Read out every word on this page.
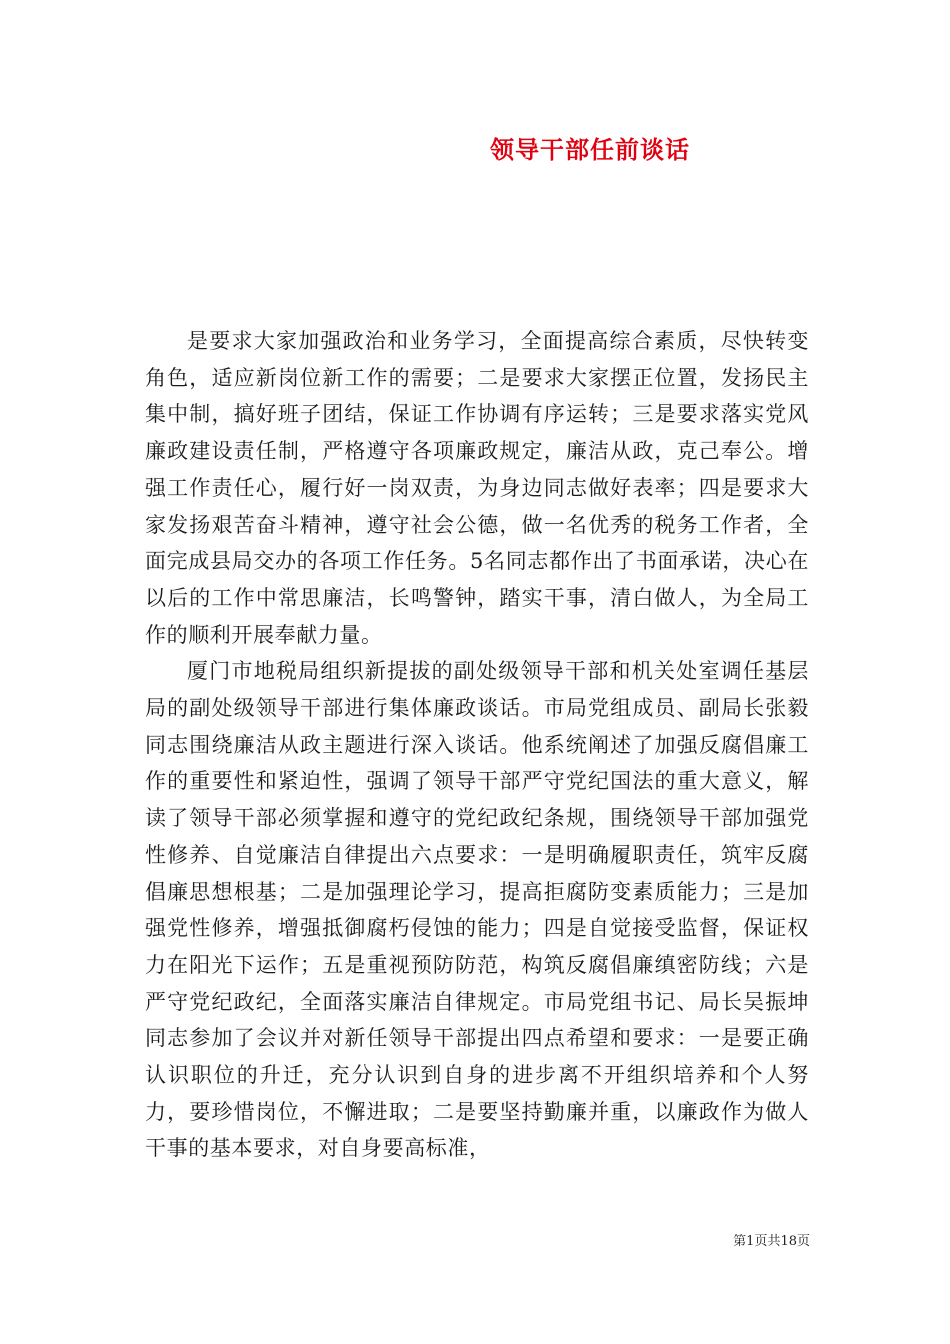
领导干部任前谈话

是要求大家加强政治和业务学习，全面提高综合素质，尽快转变角色，适应新岗位新工作的需要；二是要求大家摆正位置，发扬民主集中制，搞好班子团结，保证工作协调有序运转；三是要求落实党风廉政建设责任制，严格遵守各项廉政规定，廉洁从政，克己奉公。增强工作责任心，履行好一岗双责，为身边同志做好表率；四是要求大家发扬艰苦奋斗精神，遵守社会公德，做一名优秀的税务工作者，全面完成县局交办的各项工作任务。5名同志都作出了书面承诺，决心在以后的工作中常思廉洁，长鸣警钟，踏实干事，清白做人，为全局工作的顺利开展奉献力量。

厦门市地税局组织新提拔的副处级领导干部和机关处室调任基层局的副处级领导干部进行集体廉政谈话。市局党组成员、副局长张毅同志围绕廉洁从政主题进行深入谈话。他系统阐述了加强反腐倡廉工作的重要性和紧迫性，强调了领导干部严守党纪国法的重大意义，解读了领导干部必须掌握和遵守的党纪政纪条规，围绕领导干部加强党性修养、自觉廉洁自律提出六点要求：一是明确履职责任，筑牢反腐倡廉思想根基；二是加强理论学习，提高拒腐防变素质能力；三是加强党性修养，增强抵御腐朽侵蚀的能力；四是自觉接受监督，保证权力在阳光下运作；五是重视预防防范，构筑反腐倡廉缜密防线；六是严守党纪政纪，全面落实廉洁自律规定。市局党组书记、局长吴振坤同志参加了会议并对新任领导干部提出四点希望和要求：一是要正确认识职位的升迁，充分认识到自身的进步离不开组织培养和个人努力，要珍惜岗位，不懈进取；二是要坚持勤廉并重，以廉政作为做人干事的基本要求，对自身要高标准，

第1页共18页
